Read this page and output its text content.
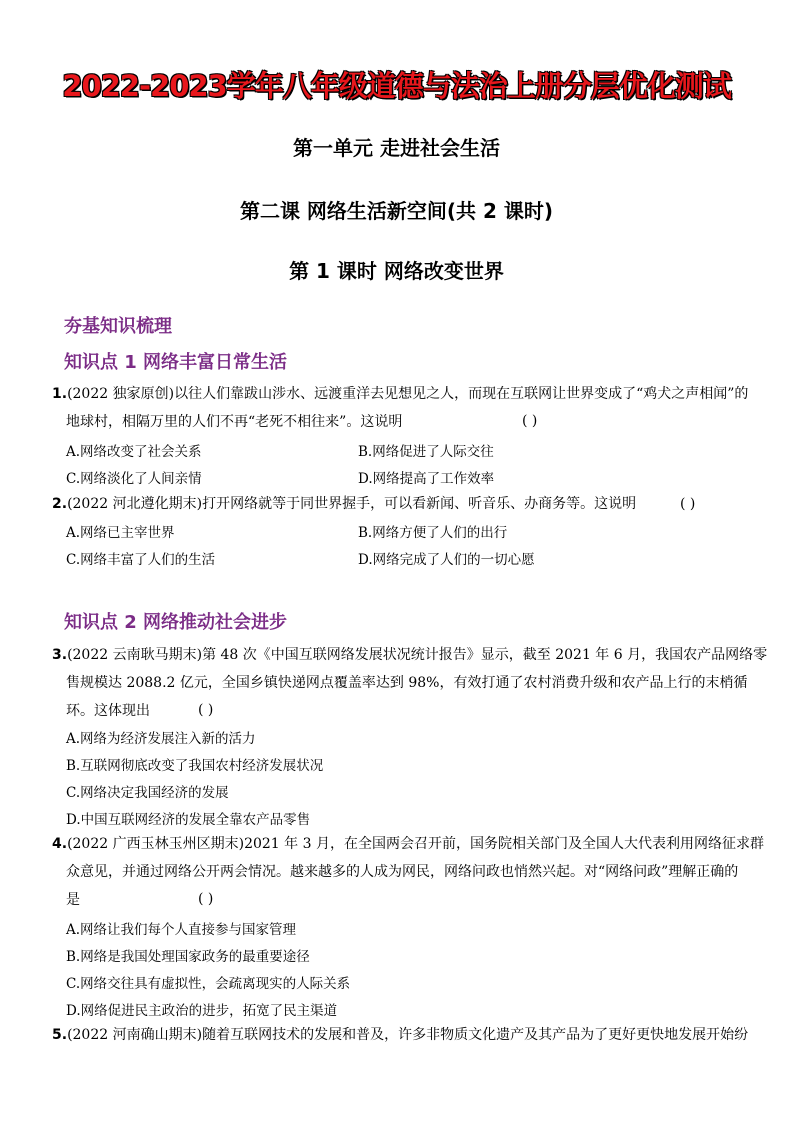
2022-2023学年八年级道德与法治上册分层优化测试
第一单元 走进社会生活
第二课 网络生活新空间(共 2 课时)
第 1 课时 网络改变世界
夯基知识梳理
知识点 1 网络丰富日常生活
1.(2022 独家原创)以往人们靠跋山涉水、远渡重洋去见想见之人，而现在互联网让世界变成了“鸡犬之声相闻”的
地球村，相隔万里的人们不再“老死不相往来”。这说明	( )
A.网络改变了社会关系	B.网络促进了人际交往
C.网络淡化了人间亲情	D.网络提高了工作效率
2.(2022 河北遵化期末)打开网络就等于同世界握手，可以看新闻、听音乐、办商务等。这说明	( )
A.网络已主宰世界	B.网络方便了人们的出行
C.网络丰富了人们的生活	D.网络完成了人们的一切心愿
知识点 2 网络推动社会进步
3.(2022 云南耿马期末)第 48 次《中国互联网络发展状况统计报告》显示，截至 2021 年 6 月，我国农产品网络零
售规模达 2088.2 亿元，全国乡镇快递网点覆盖率达到 98%，有效打通了农村消费升级和农产品上行的末梢循
环。这体现出	( )
A.网络为经济发展注入新的活力
B.互联网彻底改变了我国农村经济发展状况
C.网络决定我国经济的发展
D.中国互联网经济的发展全靠农产品零售
4.(2022 广西玉林玉州区期末)2021 年 3 月，在全国两会召开前，国务院相关部门及全国人大代表利用网络征求群
众意见，并通过网络公开两会情况。越来越多的人成为网民，网络问政也悄然兴起。对“网络问政”理解正确的
是	( )
A.网络让我们每个人直接参与国家管理
B.网络是我国处理国家政务的最重要途径
C.网络交往具有虚拟性，会疏离现实的人际关系
D.网络促进民主政治的进步，拓宽了民主渠道
5.(2022 河南确山期末)随着互联网技术的发展和普及，许多非物质文化遗产及其产品为了更好更快地发展开始纷
